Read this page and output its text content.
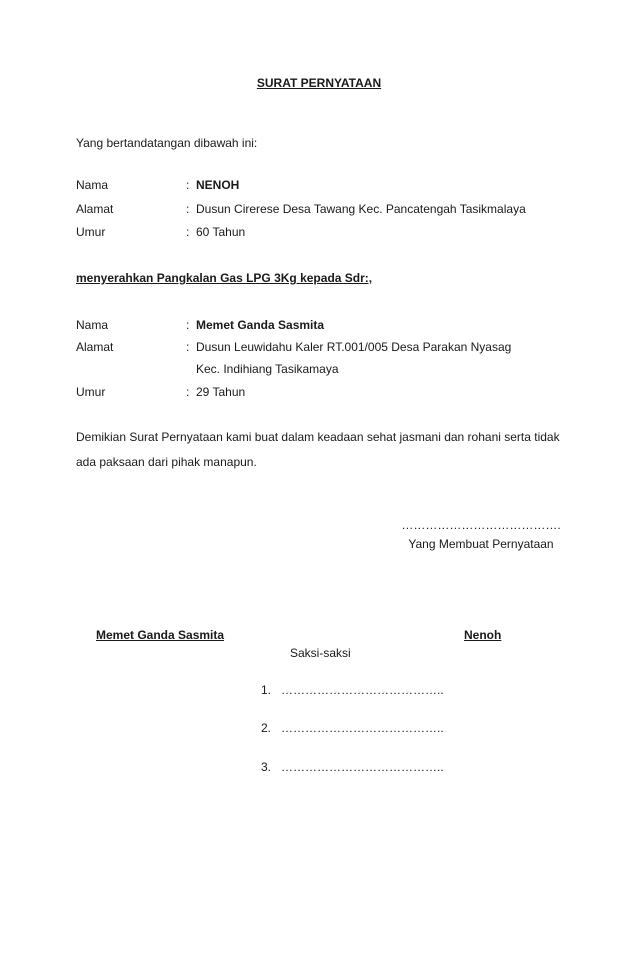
SURAT PERNYATAAN
Yang bertandatangan dibawah ini:
Nama	: NENOH
Alamat	: Dusun Cirerese Desa Tawang Kec. Pancatengah Tasikmalaya
Umur	: 60 Tahun
menyerahkan Pangkalan Gas LPG 3Kg kepada Sdr:,
Nama	: Memet Ganda Sasmita
Alamat	: Dusun Leuwidahu Kaler RT.001/005 Desa Parakan Nyasag
Kec. Indihiang Tasikamaya
Umur	: 29 Tahun
Demikian Surat Pernyataan kami buat dalam keadaan sehat jasmani dan rohani serta tidak ada paksaan dari pihak manapun.
………………………………….
Yang Membuat Pernyataan
Memet Ganda Sasmita	Nenoh
Saksi-saksi
1. …………………………………..
2. …………………………………..
3. …………………………………..
